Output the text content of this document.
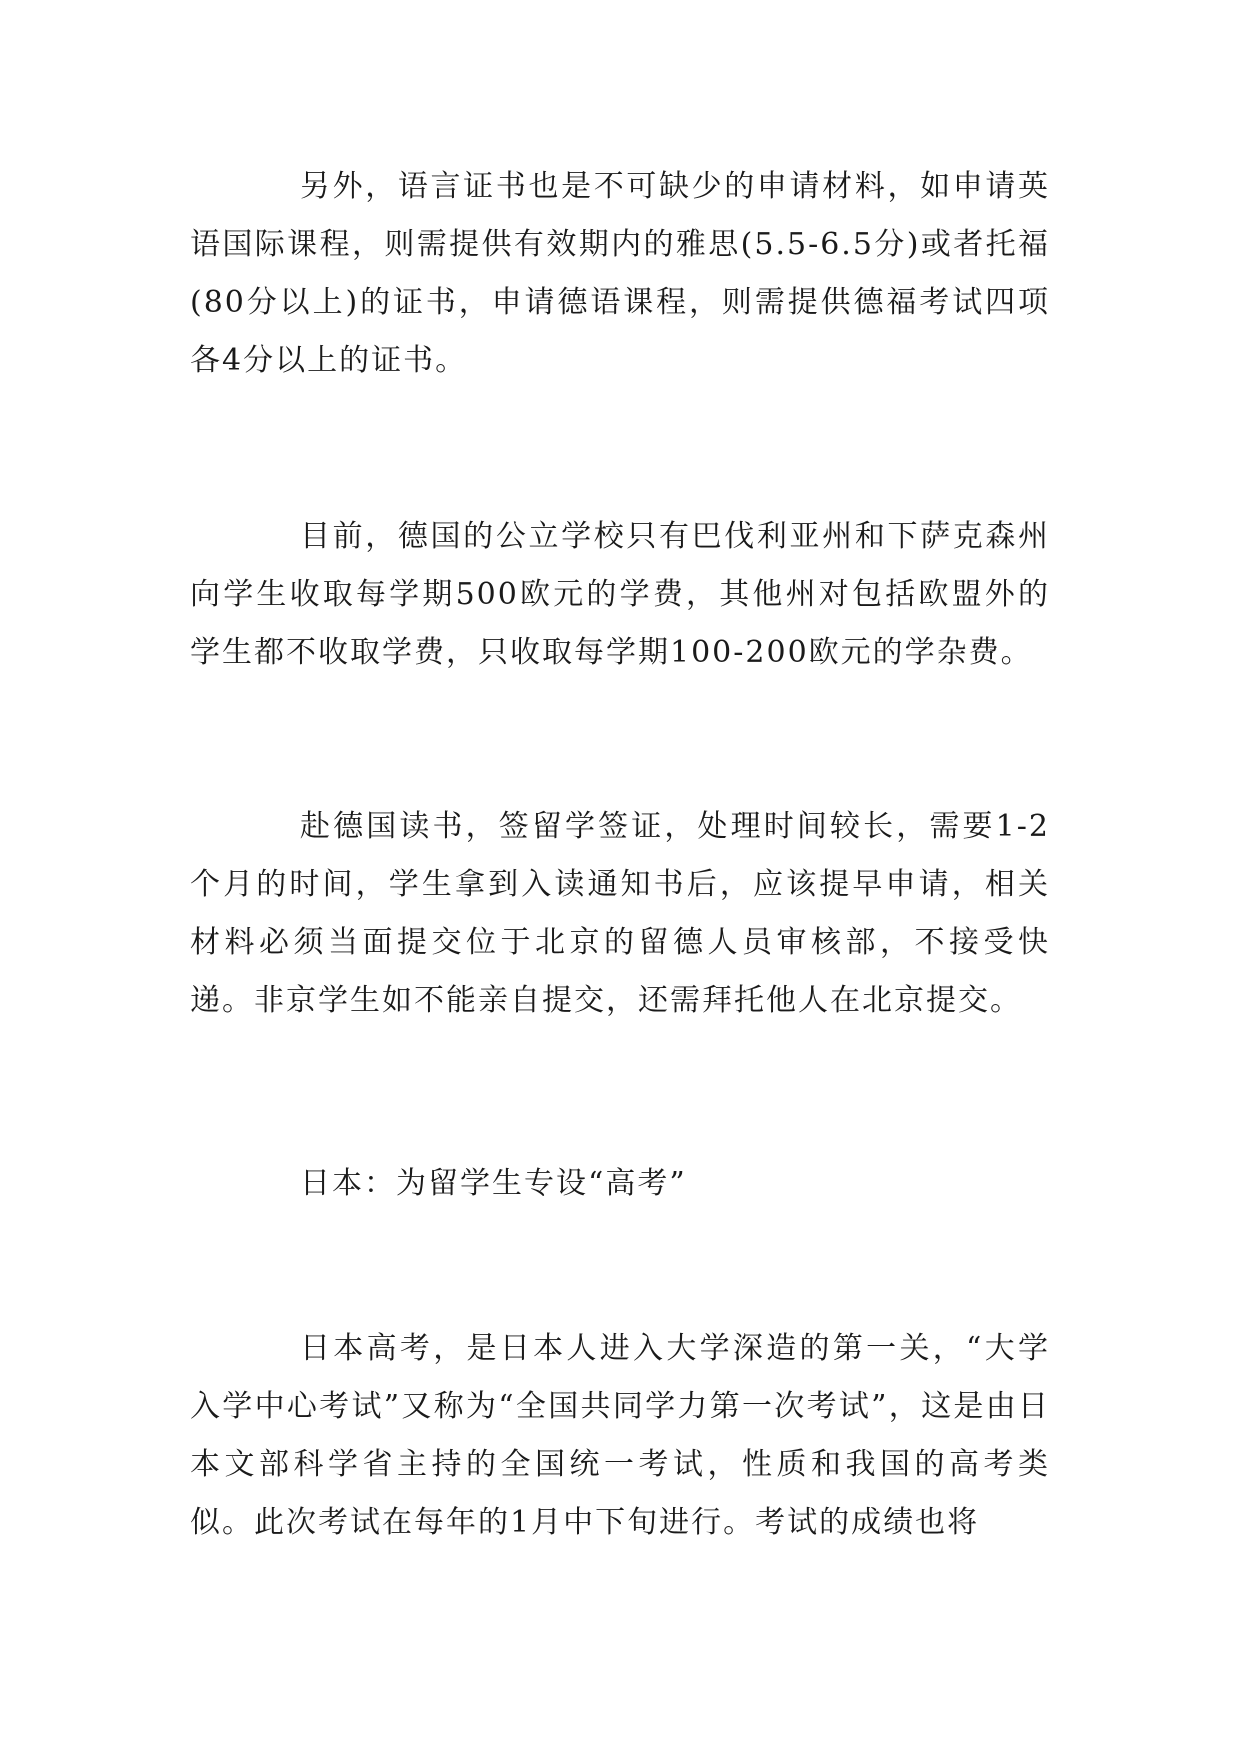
另外，语言证书也是不可缺少的申请材料，如申请英语国际课程，则需提供有效期内的雅思(5.5-6.5分)或者托福(80分以上)的证书，申请德语课程，则需提供德福考试四项各4分以上的证书。

目前，德国的公立学校只有巴伐利亚州和下萨克森州向学生收取每学期500欧元的学费，其他州对包括欧盟外的学生都不收取学费，只收取每学期100-200欧元的学杂费。

赴德国读书，签留学签证，处理时间较长，需要1-2个月的时间，学生拿到入读通知书后，应该提早申请，相关材料必须当面提交位于北京的留德人员审核部，不接受快递。非京学生如不能亲自提交，还需拜托他人在北京提交。

日本：为留学生专设“高考”

日本高考，是日本人进入大学深造的第一关，“大学入学中心考试”又称为“全国共同学力第一次考试”，这是由日本文部科学省主持的全国统一考试，性质和我国的高考类似。此次考试在每年的1月中下旬进行。考试的成绩也将
